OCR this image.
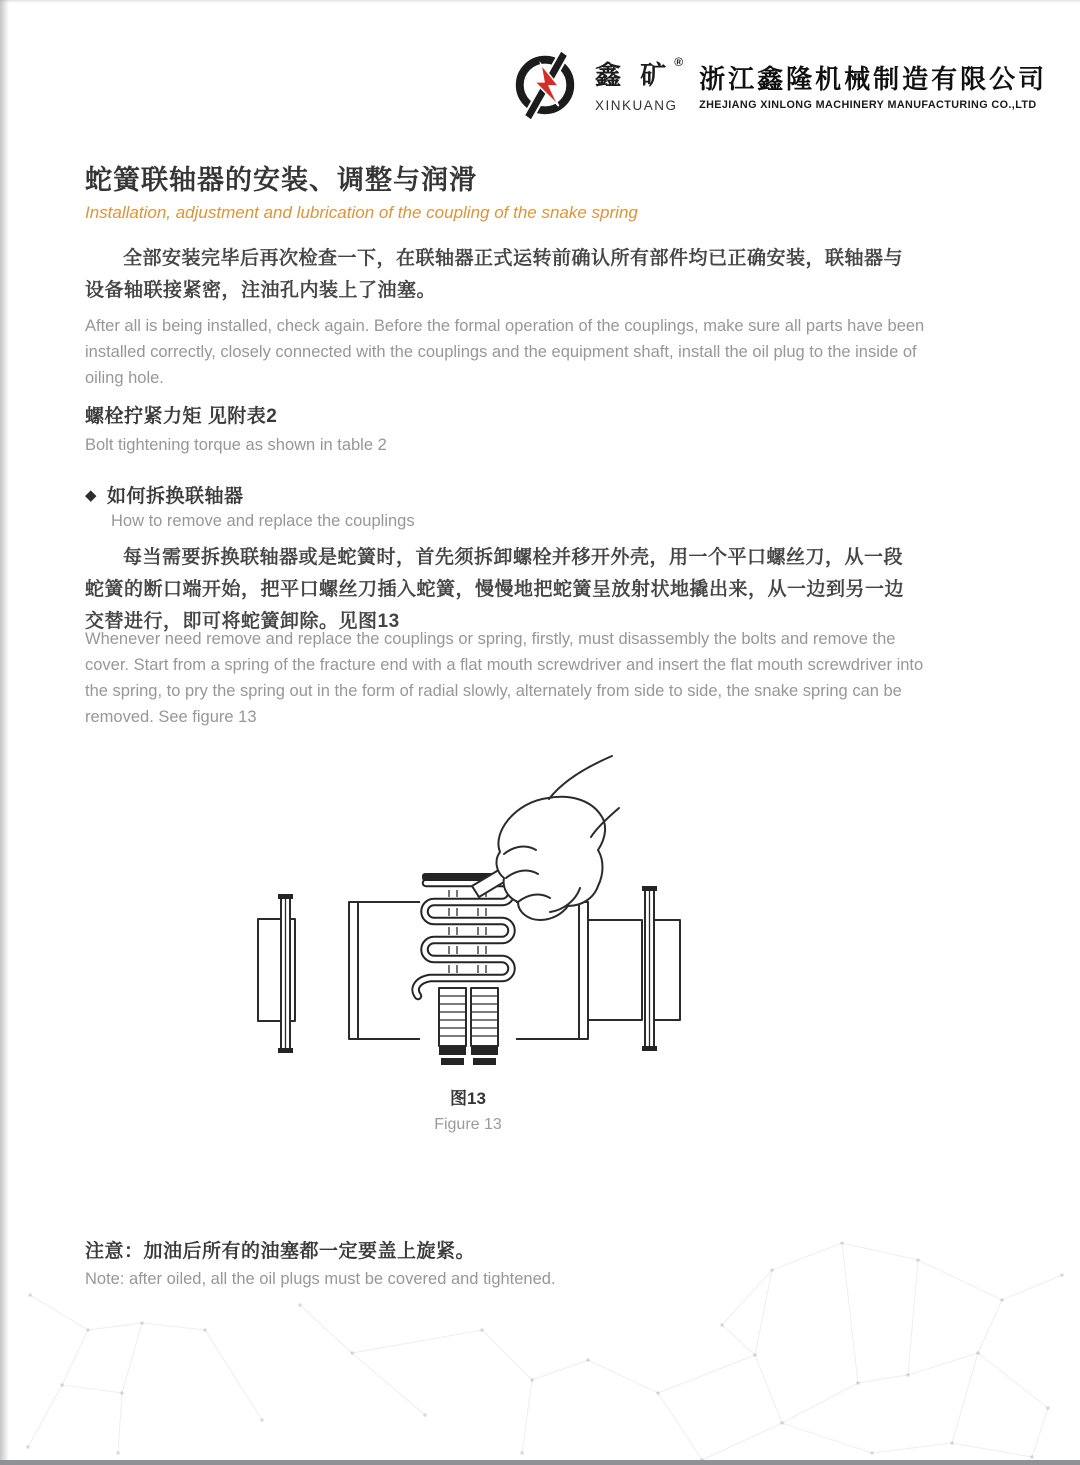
鑫 矿 ®
XINKUANG
浙江鑫隆机械制造有限公司
ZHEJIANG XINLONG MACHINERY MANUFACTURING CO.,LTD
蛇簧联轴器的安装、调整与润滑
Installation, adjustment and lubrication of the coupling of the snake spring
全部安装完毕后再次检查一下，在联轴器正式运转前确认所有部件均已正确安装，联轴器与设备轴联接紧密，注油孔内装上了油塞。
After all is being installed, check again. Before the formal operation of the couplings, make sure all parts have been installed correctly, closely connected with the couplings and the equipment shaft, install the oil plug to the inside of oiling hole.
螺栓拧紧力矩 见附表2
Bolt tightening torque as shown in table 2
◆ 如何拆换联轴器
How to remove and replace the couplings
每当需要拆换联轴器或是蛇簧时，首先须拆卸螺栓并移开外壳，用一个平口螺丝刀，从一段蛇簧的断口端开始，把平口螺丝刀插入蛇簧，慢慢地把蛇簧呈放射状地撬出来，从一边到另一边交替进行，即可将蛇簧卸除。见图13
Whenever need remove and replace the couplings or spring, firstly, must disassembly the bolts and remove the cover. Start from a spring of the fracture end with a flat mouth screwdriver and insert the flat mouth screwdriver into the spring, to pry the spring out in the form of radial slowly, alternately from side to side, the snake spring can be removed. See figure 13
图13
Figure 13
注意：加油后所有的油塞都一定要盖上旋紧。
Note: after oiled, all the oil plugs must be covered and tightened.
